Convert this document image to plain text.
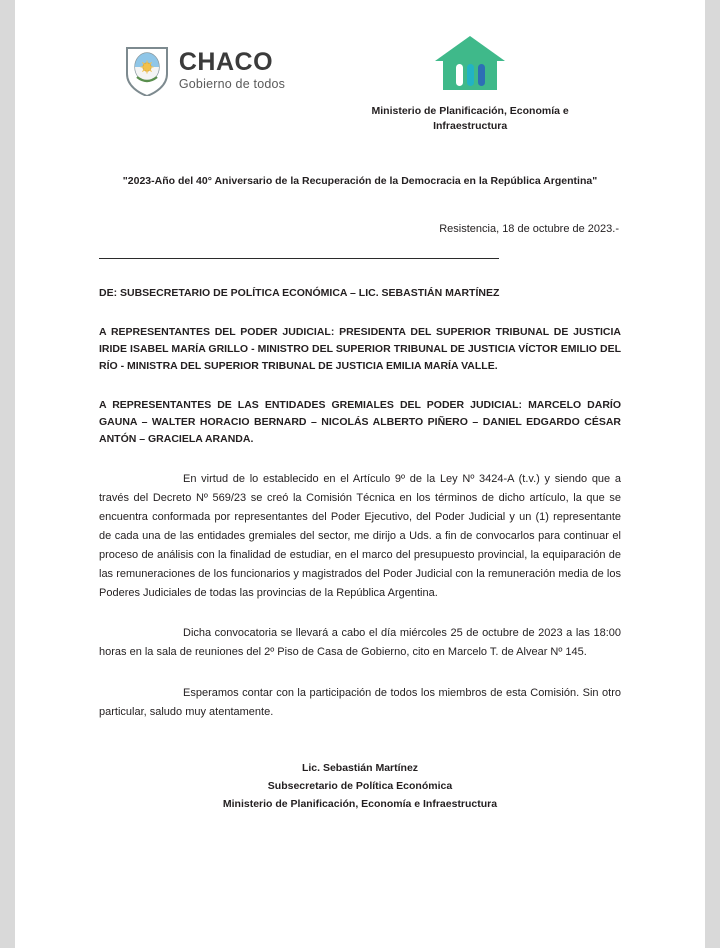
CHACO
Gobierno de todos
Ministerio de Planificación, Economía e Infraestructura
"2023-Año del 40° Aniversario de la Recuperación de la Democracia en la República Argentina"
Resistencia, 18 de octubre de 2023.-
DE: SUBSECRETARIO DE POLÍTICA ECONÓMICA – LIC. SEBASTIÁN MARTÍNEZ
A REPRESENTANTES DEL PODER JUDICIAL: PRESIDENTA DEL SUPERIOR TRIBUNAL DE JUSTICIA IRIDE ISABEL MARÍA GRILLO - MINISTRO DEL SUPERIOR TRIBUNAL DE JUSTICIA VÍCTOR EMILIO DEL RÍO - MINISTRA DEL SUPERIOR TRIBUNAL DE JUSTICIA EMILIA MARÍA VALLE.
A REPRESENTANTES DE LAS ENTIDADES GREMIALES DEL PODER JUDICIAL: MARCELO DARÍO GAUNA – WALTER HORACIO BERNARD – NICOLÁS ALBERTO PIÑERO – DANIEL EDGARDO CÉSAR ANTÓN – GRACIELA ARANDA.

En virtud de lo establecido en el Artículo 9º de la Ley Nº 3424-A (t.v.) y siendo que a través del Decreto Nº 569/23 se creó la Comisión Técnica en los términos de dicho artículo, la que se encuentra conformada por representantes del Poder Ejecutivo, del Poder Judicial y un (1) representante de cada una de las entidades gremiales del sector, me dirijo a Uds. a fin de convocarlos para continuar el proceso de análisis con la finalidad de estudiar, en el marco del presupuesto provincial, la equiparación de las remuneraciones de los funcionarios y magistrados del Poder Judicial con la remuneración media de los Poderes Judiciales de todas las provincias de la República Argentina.

Dicha convocatoria se llevará a cabo el día miércoles 25 de octubre de 2023 a las 18:00 horas en la sala de reuniones del 2º Piso de Casa de Gobierno, cito en Marcelo T. de Alvear Nº 145.

Esperamos contar con la participación de todos los miembros de esta Comisión. Sin otro particular, saludo muy atentamente.

Lic. Sebastián Martínez
Subsecretario de Política Económica
Ministerio de Planificación, Economía e Infraestructura
